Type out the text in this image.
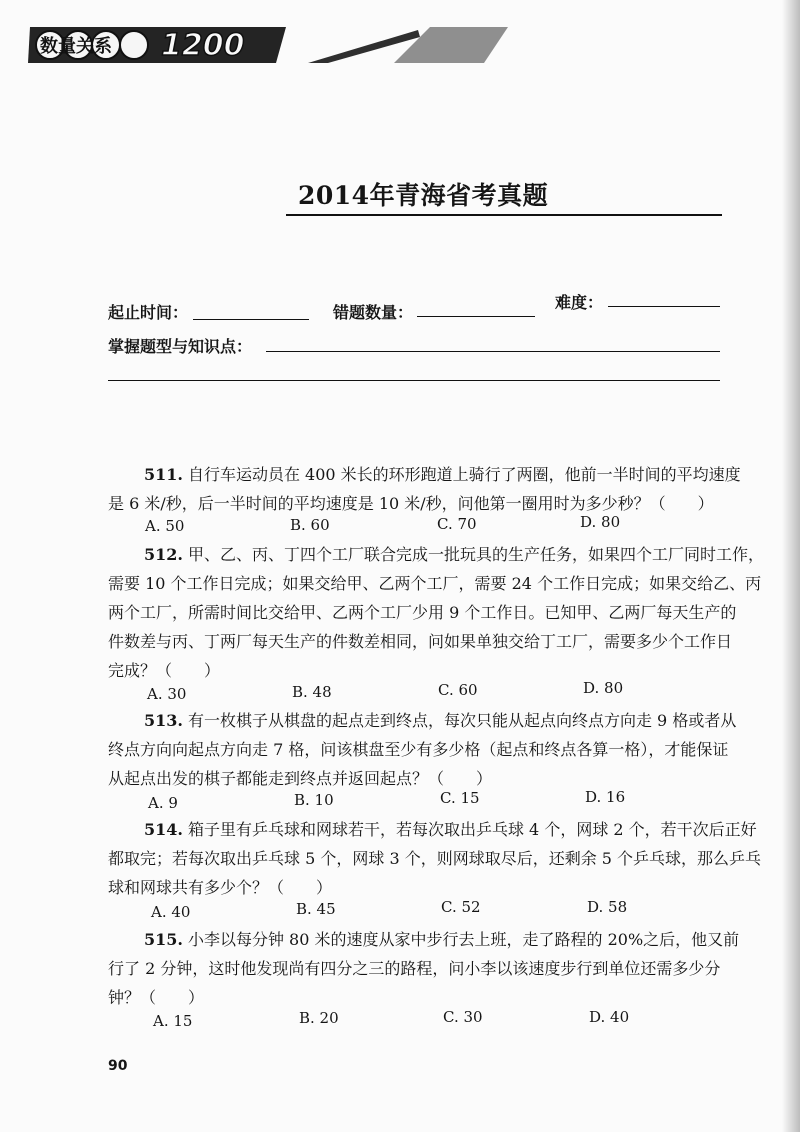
数量关系 1200
2014年青海省考真题
起止时间：	错题数量：
难度：
掌握题型与知识点：
511. 自行车运动员在 400 米长的环形跑道上骑行了两圈，他前一半时间的平均速度
是 6 米/秒，后一半时间的平均速度是 10 米/秒，问他第一圈用时为多少秒？（　　）
A. 50	B. 60	C. 70	D. 80
512. 甲、乙、丙、丁四个工厂联合完成一批玩具的生产任务，如果四个工厂同时工作，
需要 10 个工作日完成；如果交给甲、乙两个工厂，需要 24 个工作日完成；如果交给乙、丙
两个工厂，所需时间比交给甲、乙两个工厂少用 9 个工作日。已知甲、乙两厂每天生产的
件数差与丙、丁两厂每天生产的件数差相同，问如果单独交给丁工厂，需要多少个工作日
完成？（　　）
A. 30	B. 48	C. 60	D. 80
513. 有一枚棋子从棋盘的起点走到终点，每次只能从起点向终点方向走 9 格或者从
终点方向向起点方向走 7 格，问该棋盘至少有多少格（起点和终点各算一格），才能保证
从起点出发的棋子都能走到终点并返回起点？（　　）
A. 9	B. 10	C. 15	D. 16
514. 箱子里有乒乓球和网球若干，若每次取出乒乓球 4 个，网球 2 个，若干次后正好
都取完；若每次取出乒乓球 5 个，网球 3 个，则网球取尽后，还剩余 5 个乒乓球，那么乒乓
球和网球共有多少个？（　　）
A. 40	B. 45	C. 52	D. 58
515. 小李以每分钟 80 米的速度从家中步行去上班，走了路程的 20%之后，他又前
行了 2 分钟，这时他发现尚有四分之三的路程，问小李以该速度步行到单位还需多少分
钟？（　　）
A. 15	B. 20	C. 30	D. 40
90
